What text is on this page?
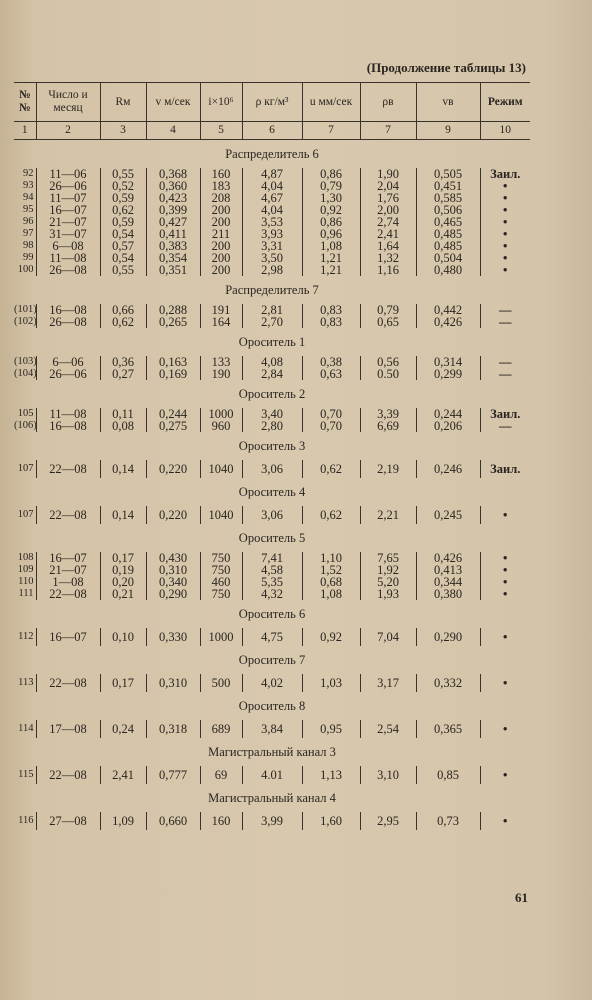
(Продолжение таблицы 13)
№№	Число и месяц	Rм	v м/сек	i×10⁶	ρ кг/м³	u мм/сек	ρв	vв	Режим
1	2	3	4	5	6	7	7	9	10
Распределитель 6									
92	11—06	0,55	0,368	160	4,87	0,86	1,90	0,505	Заил.
93	26—06	0,52	0,360	183	4,04	0,79	2,04	0,451	•
94	11—07	0,59	0,423	208	4,67	1,30	1,76	0,585	•
95	16—07	0,62	0,399	200	4,04	0,92	2,00	0,506	•
96	21—07	0,59	0,427	200	3,53	0,86	2,74	0,465	•
97	31—07	0,54	0,411	211	3,93	0,96	2,41	0,485	•
98	6—08	0,57	0,383	200	3,31	1,08	1,64	0,485	•
99	11—08	0,54	0,354	200	3,50	1,21	1,32	0,504	•
100	26—08	0,55	0,351	200	2,98	1,21	1,16	0,480	•
Распределитель 7									
(101)	16—08	0,66	0,288	191	2,81	0,83	0,79	0,442	—
(102)	26—08	0,62	0,265	164	2,70	0,83	0,65	0,426	—
Ороситель 1									
(103)	6—06	0,36	0,163	133	4,08	0,38	0,56	0,314	—
(104)	26—06	0,27	0,169	190	2,84	0,63	0.50	0,299	—
Ороситель 2									
105	11—08	0,11	0,244	1000	3,40	0,70	3,39	0,244	Заил.
(106)	16—08	0,08	0,275	960	2,80	0,70	6,69	0,206	—
Ороситель 3									
107	22—08	0,14	0,220	1040	3,06	0,62	2,19	0,246	Заил.
Ороситель 4									
107	22—08	0,14	0,220	1040	3,06	0,62	2,21	0,245	•
Ороситель 5									
108	16—07	0,17	0,430	750	7,41	1,10	7,65	0,426	•
109	21—07	0,19	0,310	750	4,58	1,52	1,92	0,413	•
110	1—08	0,20	0,340	460	5,35	0,68	5,20	0,344	•
111	22—08	0,21	0,290	750	4,32	1,08	1,93	0,380	•
Ороситель 6									
112	16—07	0,10	0,330	1000	4,75	0,92	7,04	0,290	•
Ороситель 7									
113	22—08	0,17	0,310	500	4,02	1,03	3,17	0,332	•
Ороситель 8									
114	17—08	0,24	0,318	689	3,84	0,95	2,54	0,365	•
Магистральный канал 3									
115	22—08	2,41	0,777	69	4.01	1,13	3,10	0,85	•
Магистральный канал 4									
116	27—08	1,09	0,660	160	3,99	1,60	2,95	0,73	•
61
